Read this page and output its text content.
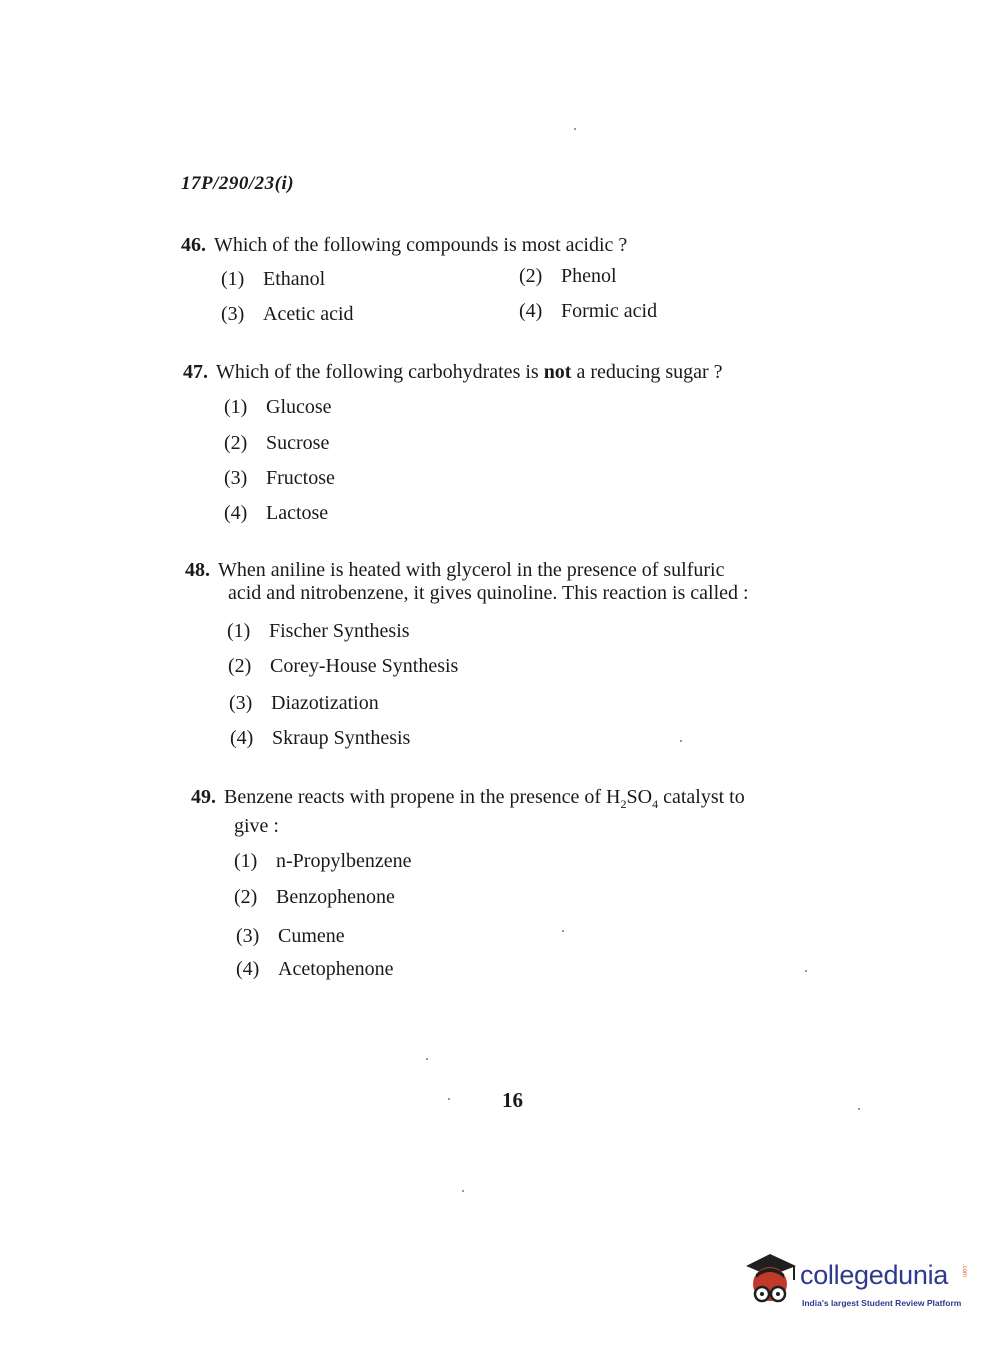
17P/290/23(i)
46. Which of the following compounds is most acidic ?
(1) Ethanol	(2) Phenol
(3) Acetic acid	(4) Formic acid
47. Which of the following carbohydrates is not a reducing sugar ?
(1) Glucose
(2) Sucrose
(3) Fructose
(4) Lactose
48. When aniline is heated with glycerol in the presence of sulfuric
acid and nitrobenzene, it gives quinoline. This reaction is called :
(1) Fischer Synthesis
(2) Corey-House Synthesis
(3) Diazotization
(4) Skraup Synthesis
49. Benzene reacts with propene in the presence of $H_2SO_4$ catalyst to
give :
(1) n-Propylbenzene
(2) Benzophenone
(3) Cumene
(4) Acetophenone
16
collegedunia .com
India's largest Student Review Platform
